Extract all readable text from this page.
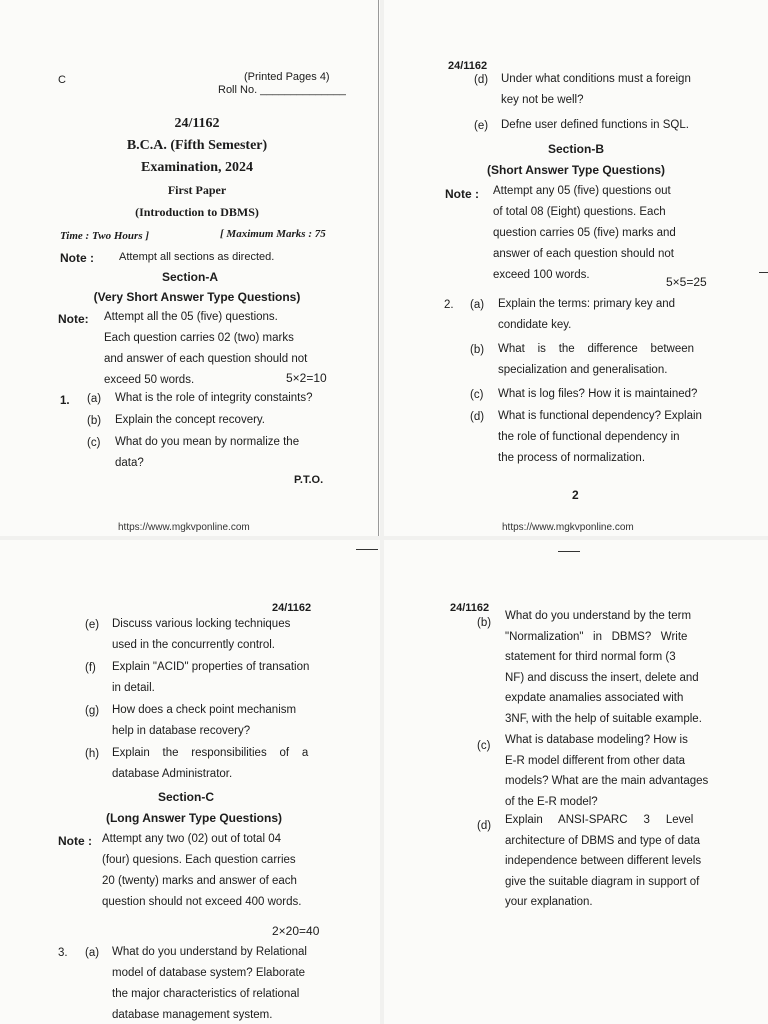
C	(Printed Pages 4)
Roll No. ______________
24/1162
B.C.A. (Fifth Semester)
Examination, 2024
First Paper
(Introduction to DBMS)
Time : Two Hours ]	[ Maximum Marks : 75
Note : Attempt all sections as directed.
Section-A
(Very Short Answer Type Questions)
Note: Attempt all the 05 (five) questions.
Each question carries 02 (two) marks
and answer of each question should not
exceed 50 words.	5×2=10
1. (a) What is the role of integrity constaints?
(b) Explain the concept recovery.
(c) What do you mean by normalize the
data?
P.T.O.
https://www.mgkvponline.com
24/1162
(d) Under what conditions must a foreign
key not be well?
(e) Defne user defined functions in SQL.
Section-B
(Short Answer Type Questions)
Note : Attempt any 05 (five) questions out
of total 08 (Eight) questions. Each
question carries 05 (five) marks and
answer of each question should not
exceed 100 words.	5×5=25
2. (a) Explain the terms: primary key and
condidate key.
(b) What    is    the    difference    between
specialization and generalisation.
(c) What is log files? How it is maintained?
(d) What is functional dependency? Explain
the role of functional dependency in
the process of normalization.
2
https://www.mgkvponline.com
24/1162
(e) Discuss various locking techniques
used in the concurrently control.
(f) Explain "ACID" properties of transation
in detail.
(g) How does a check point mechanism
help in database recovery?
(h) Explain    the    responsibilities    of    a
database Administrator.
Section-C
(Long Answer Type Questions)
Note : Attempt any two (02) out of total 04
(four) quesions. Each question carries
20 (twenty) marks and answer of each
question should not exceed 400 words.
2×20=40
3. (a) What do you understand by Relational
model of database system? Elaborate
the major characteristics of relational
database management system.
24/1162
(b)
What do you understand by the term
"Normalization"   in   DBMS?   Write
statement for third normal form (3
NF) and discuss the insert, delete and
expdate anamalies associated with
3NF, with the help of suitable example.
(c) What is database modeling? How is
E-R model different from other data
models? What are the main advantages
of the E-R model?
(d) Explain     ANSI-SPARC     3     Level
architecture of DBMS and type of data
independence between different levels
give the suitable diagram in support of
your explanation.
